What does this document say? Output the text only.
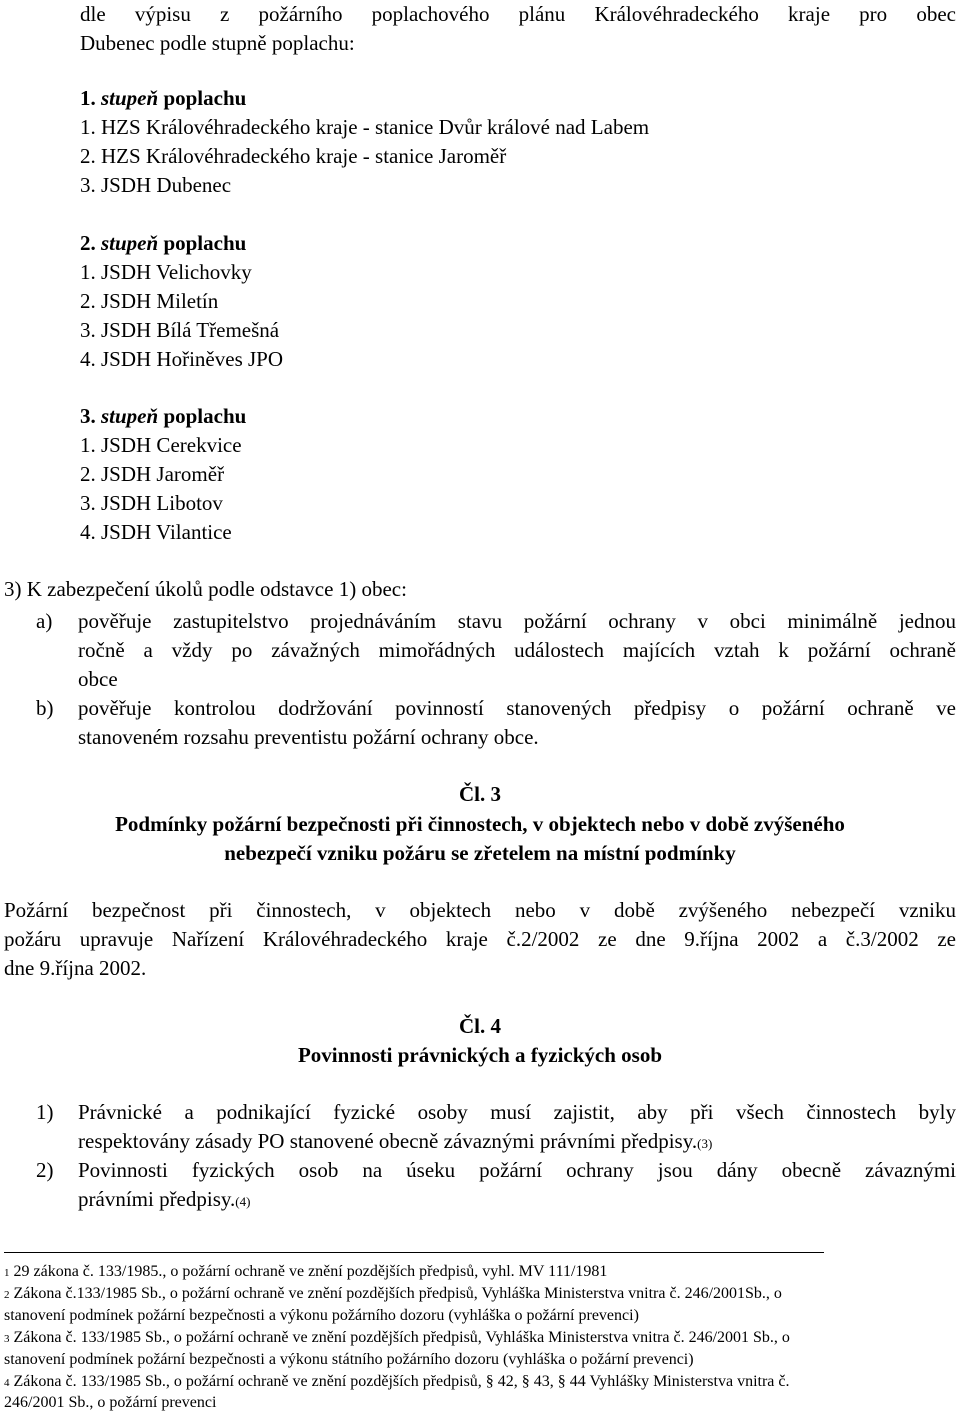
dle výpisu z požárního poplachového plánu Královéhradeckého kraje pro obec

Dubenec podle stupně poplachu:

1. stupeň poplachu

1. HZS Královéhradeckého kraje - stanice Dvůr králové nad Labem

2. HZS Královéhradeckého kraje - stanice Jaroměř

3. JSDH Dubenec

2. stupeň poplachu

1. JSDH Velichovky

2. JSDH Miletín

3. JSDH Bílá Třemešná

4. JSDH Hořiněves JPO

3. stupeň poplachu

1. JSDH Cerekvice

2. JSDH Jaroměř

3. JSDH Libotov

4. JSDH Vilantice

3) K zabezpečení úkolů podle odstavce 1) obec:

a) pověřuje zastupitelstvo projednáváním stavu požární ochrany v obci minimálně jednou

ročně a vždy po závažných mimořádných událostech majících vztah k požární ochraně

obce

b) pověřuje kontrolou dodržování povinností stanovených předpisy o požární ochraně ve

stanoveném rozsahu preventistu požární ochrany obce.

Čl. 3

Podmínky požární bezpečnosti při činnostech, v objektech nebo v době zvýšeného

nebezpečí vzniku požáru se zřetelem na místní podmínky

Požární bezpečnost při činnostech, v objektech nebo v době zvýšeného nebezpečí vzniku

požáru upravuje Nařízení Královéhradeckého kraje č.2/2002 ze dne 9.října 2002 a č.3/2002 ze

dne 9.října 2002.

Čl. 4

Povinnosti právnických a fyzických osob

1) Právnické a podnikající fyzické osoby musí zajistit, aby při všech činnostech byly

respektovány zásady PO stanovené obecně závaznými právními předpisy.(3)

2) Povinnosti fyzických osob na úseku požární ochrany jsou dány obecně závaznými

právními předpisy.(4)

1 29 zákona č. 133/1985., o požární ochraně ve znění pozdějších předpisů, vyhl. MV 111/1981

2 Zákona č.133/1985 Sb., o požární ochraně ve znění pozdějších předpisů, Vyhláška Ministerstva vnitra č. 246/2001Sb., o

stanovení podmínek požární bezpečnosti a výkonu požárního dozoru (vyhláška o požární prevenci)

3 Zákona č. 133/1985 Sb., o požární ochraně ve znění pozdějších předpisů, Vyhláška Ministerstva vnitra č. 246/2001 Sb., o

stanovení podmínek požární bezpečnosti a výkonu státního požárního dozoru (vyhláška o požární prevenci)

4 Zákona č. 133/1985 Sb., o požární ochraně ve znění pozdějších předpisů, § 42, § 43, § 44 Vyhlášky Ministerstva vnitra č.

246/2001 Sb., o požární prevenci
